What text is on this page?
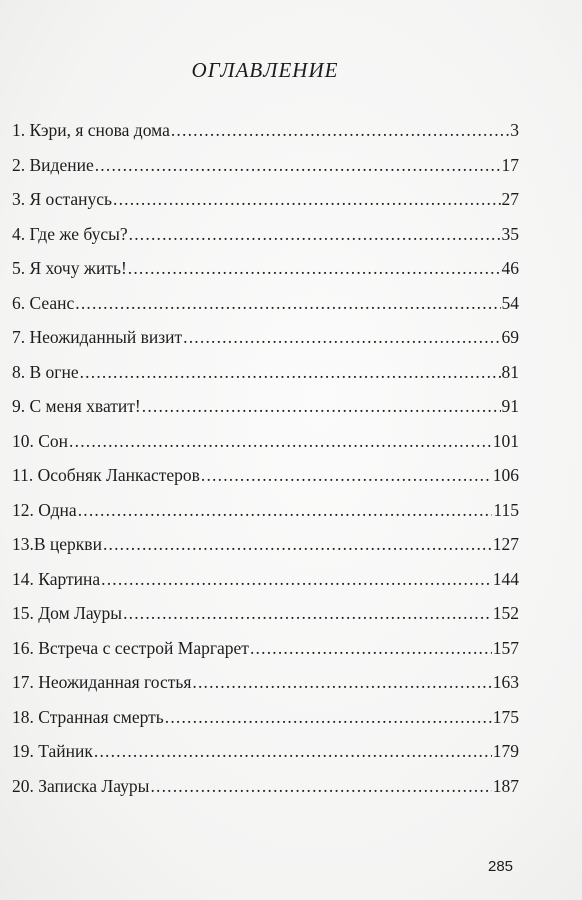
ОГЛАВЛЕНИЕ
1. Кэри, я снова дома .....	3
2. Видение .....	17
3. Я останусь .....	27
4. Где же бусы? .....	35
5. Я хочу жить! .....	46
6. Сеанс .....	54
7. Неожиданный визит .....	69
8. В огне .....	81
9. С меня хватит! .....	91
10. Сон .....	101
11. Особняк Ланкастеров .....	106
12. Одна .....	115
13.В церкви .....	127
14. Картина .....	144
15. Дом Лауры .....	152
16. Встреча с сестрой Маргарет .....	157
17. Неожиданная гостья .....	163
18. Странная смерть .....	175
19. Тайник .....	179
20. Записка Лауры .....	187
285
